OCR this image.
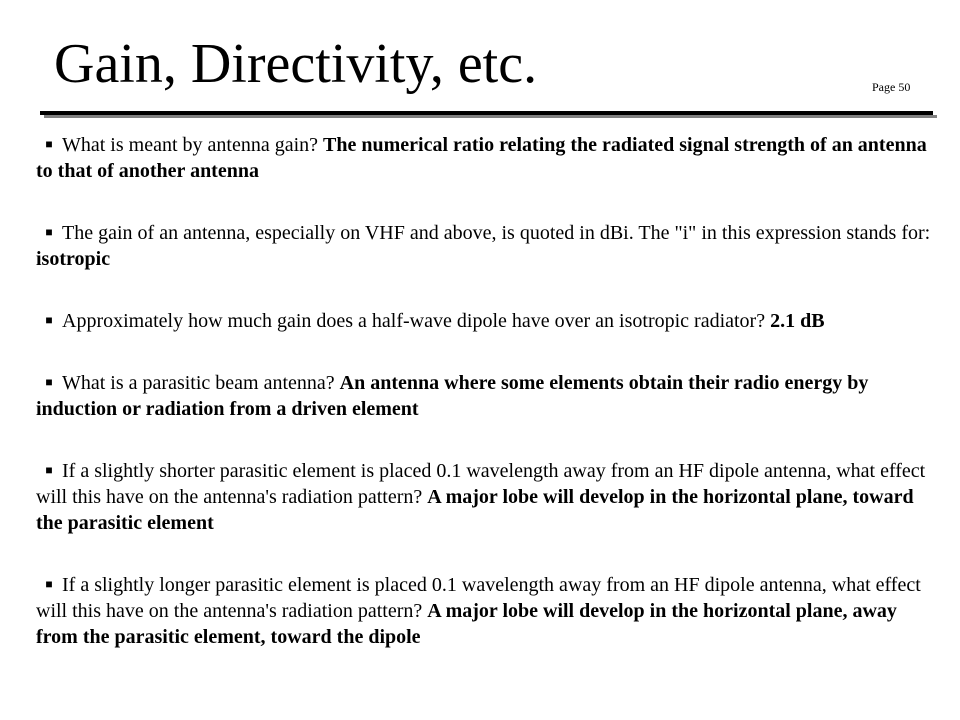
Gain, Directivity, etc.	Page 50
■ What is meant by antenna gain? The numerical ratio relating the radiated signal strength of an antenna to that of another antenna
■ The gain of an antenna, especially on VHF and above, is quoted in dBi. The "i" in this expression stands for: isotropic
■ Approximately how much gain does a half-wave dipole have over an isotropic radiator? 2.1 dB
■ What is a parasitic beam antenna? An antenna where some elements obtain their radio energy by induction or radiation from a driven element
■ If a slightly shorter parasitic element is placed 0.1 wavelength away from an HF dipole antenna, what effect will this have on the antenna's radiation pattern? A major lobe will develop in the horizontal plane, toward the parasitic element
■ If a slightly longer parasitic element is placed 0.1 wavelength away from an HF dipole antenna, what effect will this have on the antenna's radiation pattern? A major lobe will develop in the horizontal plane, away from the parasitic element, toward the dipole
